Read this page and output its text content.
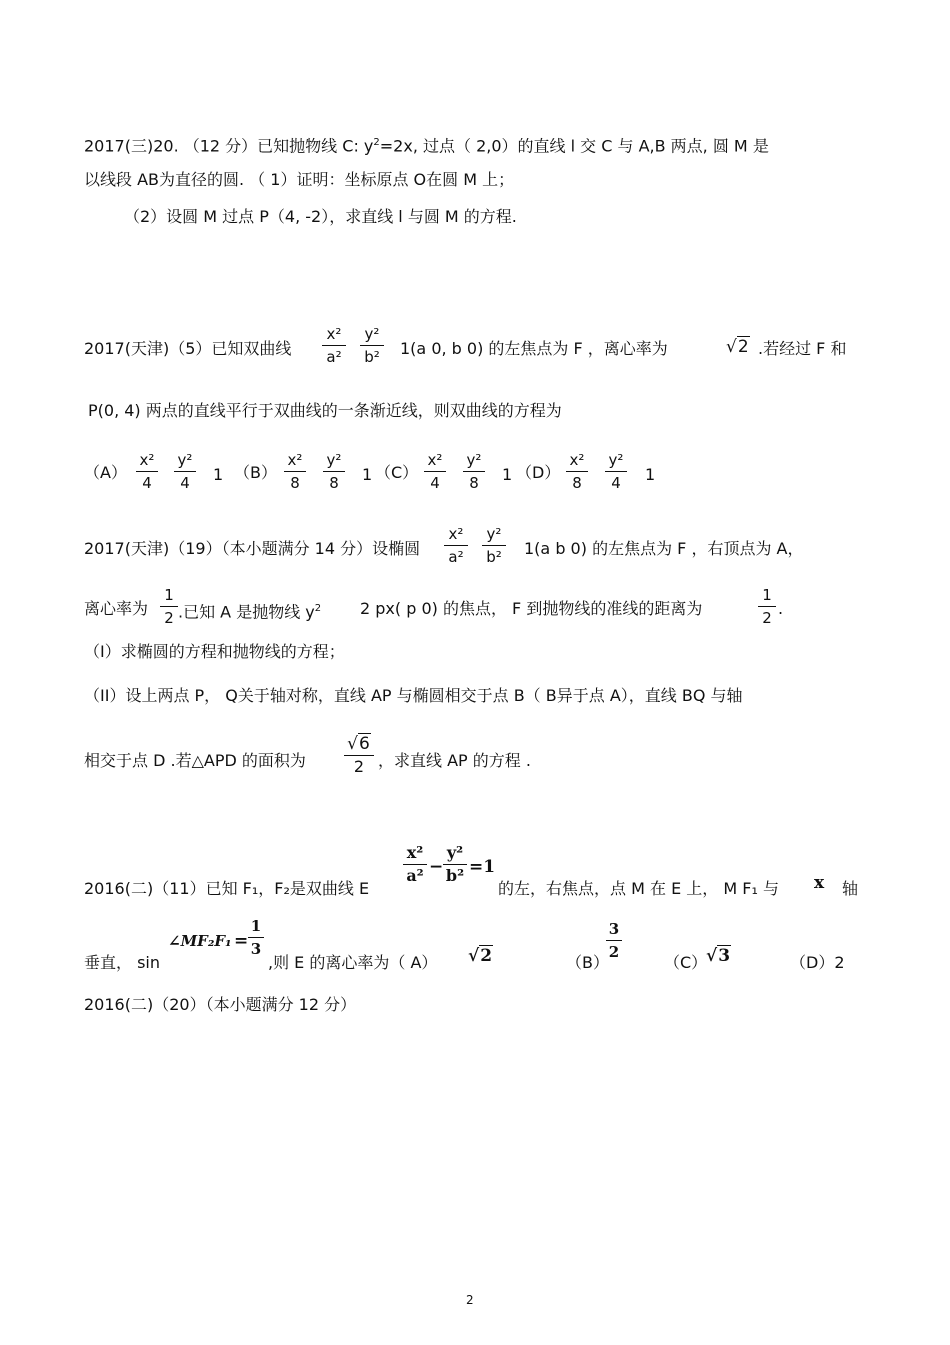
2017(三)20. （12 分）已知抛物线 C: $y^2=2x$, 过点（ 2,0）的直线 l 交 C 与 A,B 两点, 圆 M 是
以线段 AB为直径的圆. （ 1）证明：坐标原点 O在圆 M 上；
（2）设圆 M 过点 P（4, -2），求直线 l 与圆 M 的方程.
2017(天津)（5）已知双曲线
x²
a²
y²
b² 1(a 0, b 0) 的左焦点为 F ，离心率为	√2 .若经过 F 和
P(0, 4) 两点的直线平行于双曲线的一条渐近线，则双曲线的方程为
（A）
x²
4
y²
4	1 （B）
x²
8
y²
8	1 （C）
x²
4
y²
8	1 （D）
x²
8
y²
4	1
2017(天津)（19）（本小题满分 14 分）设椭圆
x²
a²
y²
b² 1(a b 0) 的左焦点为 F ，右顶点为 A，
离心率为
1
2 .已知 A 是抛物线 $y^2$ 2 px( p 0) 的焦点， F 到抛物线的准线的距离为
1
2 .
（I）求椭圆的方程和抛物线的方程；
（II）设上两点 P， Q关于轴对称，直线 AP 与椭圆相交于点 B（ B异于点 A），直线 BQ 与轴
相交于点 D .若△APD 的面积为
√6
2 ，求直线 AP 的方程 .
2016(二)（11）已知 F₁，F₂是双曲线 E
x²
a² −
y²
b² =1
的左，右焦点，点 M 在 E 上， M F₁ 与 x 轴
垂直， sin
∠MF₂F₁ =
1
3
,则 E 的离心率为（ A） √2	（B）
3
2
（C）
√3	（D）2
2016(二)（20）（本小题满分 12 分）
2
